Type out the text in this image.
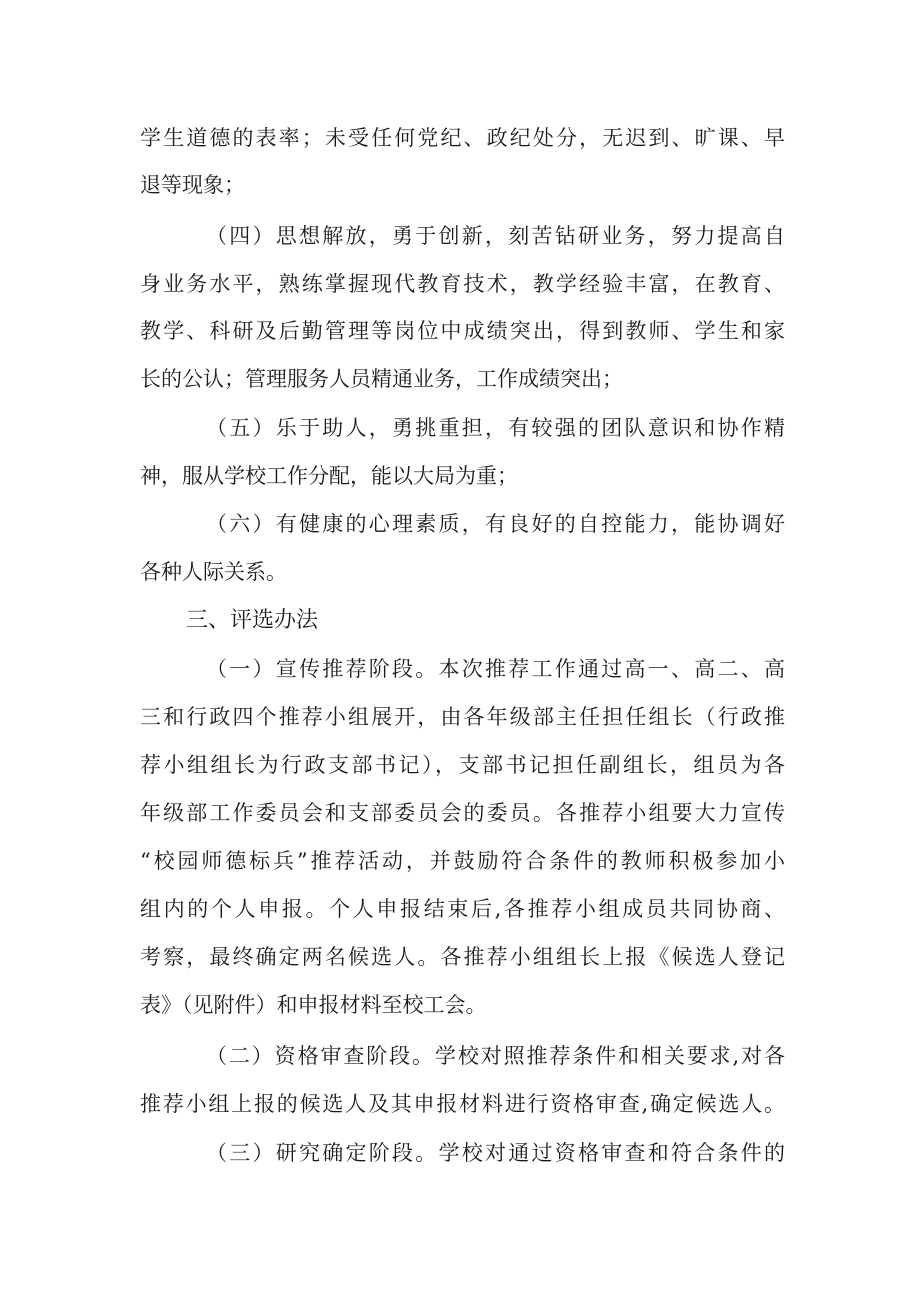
学生道德的表率；未受任何党纪、政纪处分，无迟到、旷课、早
退等现象；
（四）思想解放，勇于创新，刻苦钻研业务，努力提高自
身业务水平，熟练掌握现代教育技术，教学经验丰富，在教育、
教学、科研及后勤管理等岗位中成绩突出，得到教师、学生和家
长的公认；管理服务人员精通业务，工作成绩突出；
（五）乐于助人，勇挑重担，有较强的团队意识和协作精
神，服从学校工作分配，能以大局为重；
（六）有健康的心理素质，有良好的自控能力，能协调好
各种人际关系。
三、评选办法
（一）宣传推荐阶段。本次推荐工作通过高一、高二、高
三和行政四个推荐小组展开，由各年级部主任担任组长（行政推
荐小组组长为行政支部书记），支部书记担任副组长，组员为各
年级部工作委员会和支部委员会的委员。各推荐小组要大力宣传
“校园师德标兵”推荐活动，并鼓励符合条件的教师积极参加小
组内的个人申报。个人申报结束后,各推荐小组成员共同协商、
考察，最终确定两名候选人。各推荐小组组长上报《候选人登记
表》（见附件）和申报材料至校工会。
（二）资格审查阶段。学校对照推荐条件和相关要求,对各
推荐小组上报的候选人及其申报材料进行资格审查,确定候选人。
（三）研究确定阶段。学校对通过资格审查和符合条件的
